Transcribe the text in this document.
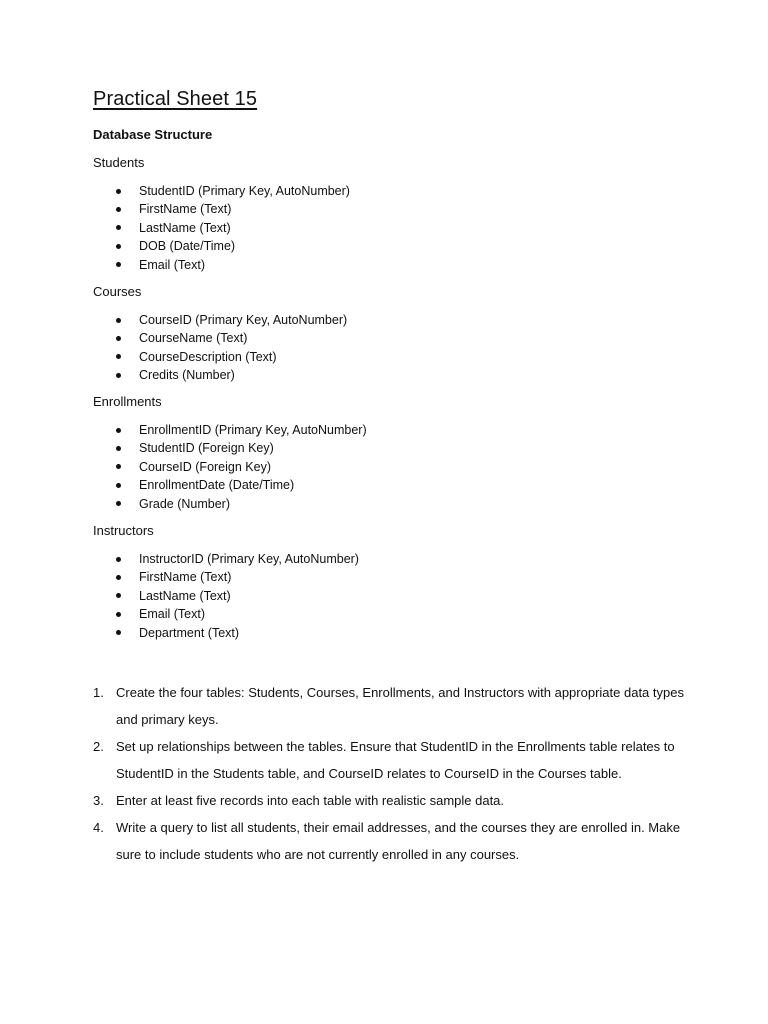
Practical Sheet 15
Database Structure

Students

StudentID (Primary Key, AutoNumber)
FirstName (Text)
LastName (Text)
DOB (Date/Time)
Email (Text)

Courses

CourseID (Primary Key, AutoNumber)
CourseName (Text)
CourseDescription (Text)
Credits (Number)

Enrollments

EnrollmentID (Primary Key, AutoNumber)
StudentID (Foreign Key)
CourseID (Foreign Key)
EnrollmentDate (Date/Time)
Grade (Number)

Instructors

InstructorID (Primary Key, AutoNumber)
FirstName (Text)
LastName (Text)
Email (Text)
Department (Text)
1. Create the four tables: Students, Courses, Enrollments, and Instructors with appropriate data types and primary keys.
2. Set up relationships between the tables. Ensure that StudentID in the Enrollments table relates to StudentID in the Students table, and CourseID relates to CourseID in the Courses table.
3. Enter at least five records into each table with realistic sample data.
4. Write a query to list all students, their email addresses, and the courses they are enrolled in. Make sure to include students who are not currently enrolled in any courses.
